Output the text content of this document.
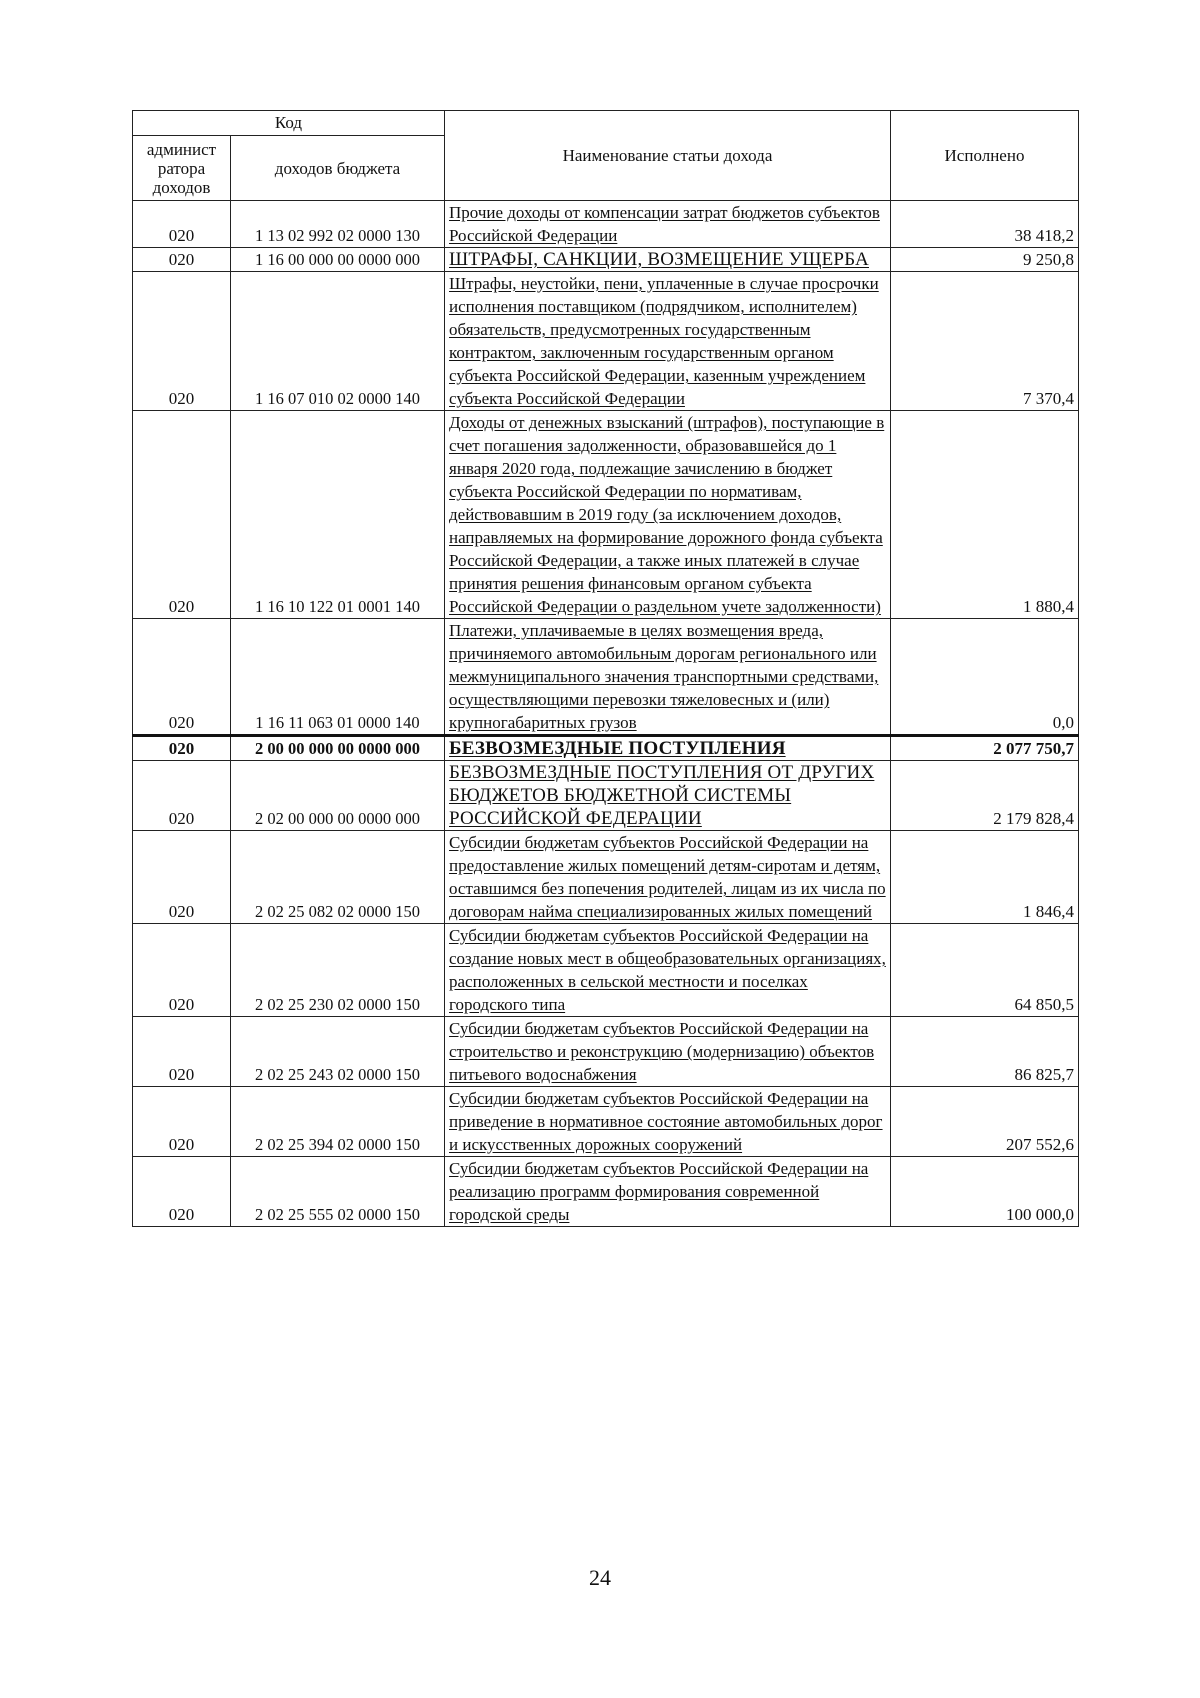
Код		Наименование статьи дохода	Исполнено
админист
ратора
доходов	доходов бюджета		
020	1 13 02 992 02 0000 130	Прочие доходы от компенсации затрат бюджетов субъектов Российской Федерации	38 418,2
020	1 16 00 000 00 0000 000	ШТРАФЫ, САНКЦИИ, ВОЗМЕЩЕНИЕ УЩЕРБА	9 250,8
020	1 16 07 010 02 0000 140	Штрафы, неустойки, пени, уплаченные в случае просрочки исполнения поставщиком (подрядчиком, исполнителем) обязательств, предусмотренных государственным контрактом, заключенным государственным органом субъекта Российской Федерации, казенным учреждением субъекта Российской Федерации	7 370,4
020	1 16 10 122 01 0001 140	Доходы от денежных взысканий (штрафов), поступающие в счет погашения задолженности, образовавшейся до 1 января 2020 года, подлежащие зачислению в бюджет субъекта Российской Федерации по нормативам, действовавшим в 2019 году (за исключением доходов, направляемых на формирование дорожного фонда субъекта Российской Федерации, а также иных платежей в случае принятия решения финансовым органом субъекта Российской Федерации о раздельном учете задолженности)	1 880,4
020	1 16 11 063 01 0000 140	Платежи, уплачиваемые в целях возмещения вреда, причиняемого автомобильным дорогам регионального или межмуниципального значения транспортными средствами, осуществляющими перевозки тяжеловесных и (или) крупногабаритных грузов	0,0
020	2 00 00 000 00 0000 000	БЕЗВОЗМЕЗДНЫЕ ПОСТУПЛЕНИЯ	2 077 750,7
020	2 02 00 000 00 0000 000	БЕЗВОЗМЕЗДНЫЕ ПОСТУПЛЕНИЯ ОТ ДРУГИХ БЮДЖЕТОВ БЮДЖЕТНОЙ СИСТЕМЫ РОССИЙСКОЙ ФЕДЕРАЦИИ	2 179 828,4
020	2 02 25 082 02 0000 150	Субсидии бюджетам субъектов Российской Федерации на предоставление жилых помещений детям-сиротам и детям, оставшимся без попечения родителей, лицам из их числа по договорам найма специализированных жилых помещений	1 846,4
020	2 02 25 230 02 0000 150	Субсидии бюджетам субъектов Российской Федерации на создание новых мест в общеобразовательных организациях, расположенных в сельской местности и поселках городского типа	64 850,5
020	2 02 25 243 02 0000 150	Субсидии бюджетам субъектов Российской Федерации на строительство и реконструкцию (модернизацию) объектов питьевого водоснабжения	86 825,7
020	2 02 25 394 02 0000 150	Субсидии бюджетам субъектов Российской Федерации на приведение в нормативное состояние автомобильных дорог и искусственных дорожных сооружений	207 552,6
020	2 02 25 555 02 0000 150	Субсидии бюджетам субъектов Российской Федерации на реализацию программ формирования современной городской среды	100 000,0
24
